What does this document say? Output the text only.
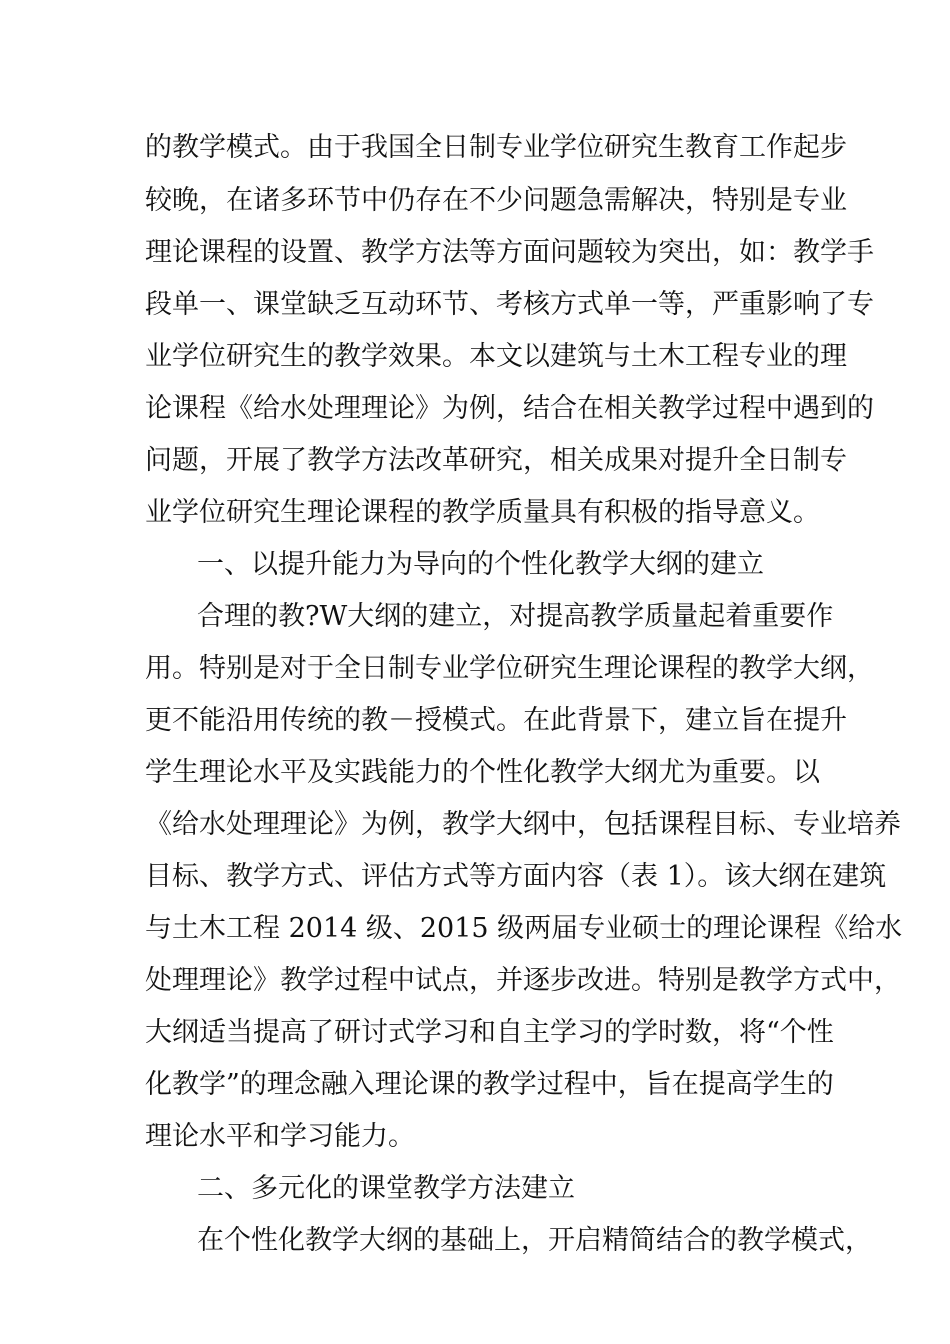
的教学模式。由于我国全日制专业学位研究生教育工作起步
较晚，在诸多环节中仍存在不少问题急需解决，特别是专业
理论课程的设置、教学方法等方面问题较为突出，如：教学手
段单一、课堂缺乏互动环节、考核方式单一等，严重影响了专
业学位研究生的教学效果。本文以建筑与土木工程专业的理
论课程《给水处理理论》为例，结合在相关教学过程中遇到的
问题，开展了教学方法改革研究，相关成果对提升全日制专
业学位研究生理论课程的教学质量具有积极的指导意义。
一、以提升能力为导向的个性化教学大纲的建立
合理的教?W大纲的建立，对提高教学质量起着重要作
用。特别是对于全日制专业学位研究生理论课程的教学大纲，
更不能沿用传统的教－授模式。在此背景下，建立旨在提升
学生理论水平及实践能力的个性化教学大纲尤为重要。以
《给水处理理论》为例，教学大纲中，包括课程目标、专业培养
目标、教学方式、评估方式等方面内容（表 1）。该大纲在建筑
与土木工程 2014 级、2015 级两届专业硕士的理论课程《给水
处理理论》教学过程中试点，并逐步改进。特别是教学方式中，
大纲适当提高了研讨式学习和自主学习的学时数，将“个性
化教学”的理念融入理论课的教学过程中，旨在提高学生的
理论水平和学习能力。
二、多元化的课堂教学方法建立
在个性化教学大纲的基础上，开启精简结合的教学模式，
